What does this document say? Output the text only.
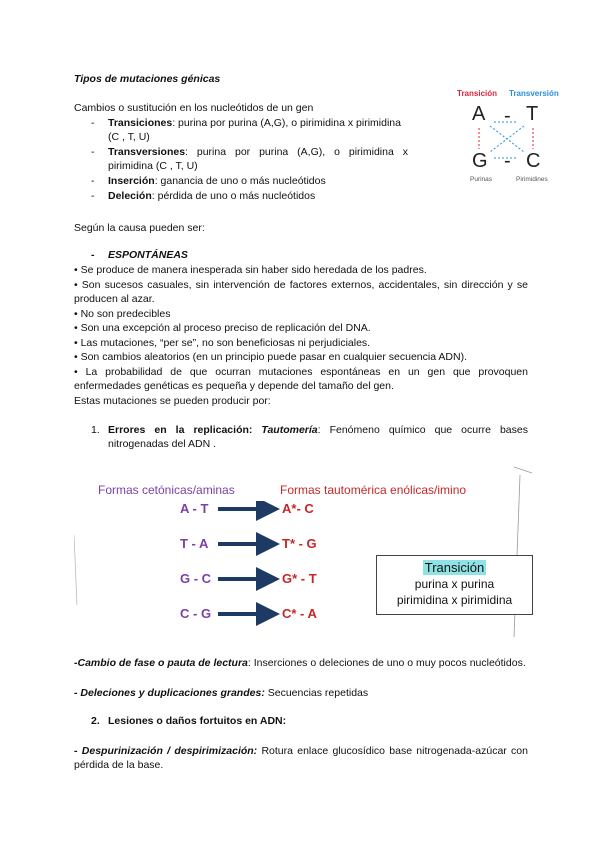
Tipos de mutaciones génicas
Cambios o sustitución en los nucleótidos de un gen
- Transiciones: purina por purina (A,G), o pirimidina x pirimidina
(C , T, U)
- Transversiones: purina por purina (A,G), o pirimidina x
pirimidina (C , T, U)
- Inserción: ganancia de uno o más nucleótidos
- Deleción: pérdida de uno o más nucleótidos
Transición Transversión
A - T
G - C
Purinas	Pirimidines
Según la causa pueden ser:
- ESPONTÁNEAS
• Se produce de manera inesperada sin haber sido heredada de los padres.
• Son sucesos casuales, sin intervención de factores externos, accidentales, sin dirección y se producen al azar.
• No son predecibles
• Son una excepción al proceso preciso de replicación del DNA.
• Las mutaciones, “per se”, no son beneficiosas ni perjudiciales.
• Son cambios aleatorios (en un principio puede pasar en cualquier secuencia ADN).
• La probabilidad de que ocurran mutaciones espontáneas en un gen que provoquen enfermedades genéticas es pequeña y depende del tamaño del gen.
Estas mutaciones se pueden producir por:
1. Errores en la replicación: Tautomería: Fenómeno químico que ocurre bases nitrogenadas del ADN .
Formas cetónicas/aminas	Formas tautomérica enólicas/imino
A - T	A*- C
T - A	T* - G
G - C	G* - T
C - G	C* - A
Transición
purina x purina
pirimidina x pirimidina
-Cambio de fase o pauta de lectura: Inserciones o deleciones de uno o muy pocos nucleótidos.
- Deleciones y duplicaciones grandes: Secuencias repetidas
2. Lesiones o daños fortuitos en ADN:
- Despurinización / despirimización: Rotura enlace glucosídico base nitrogenada-azúcar con pérdida de la base.
